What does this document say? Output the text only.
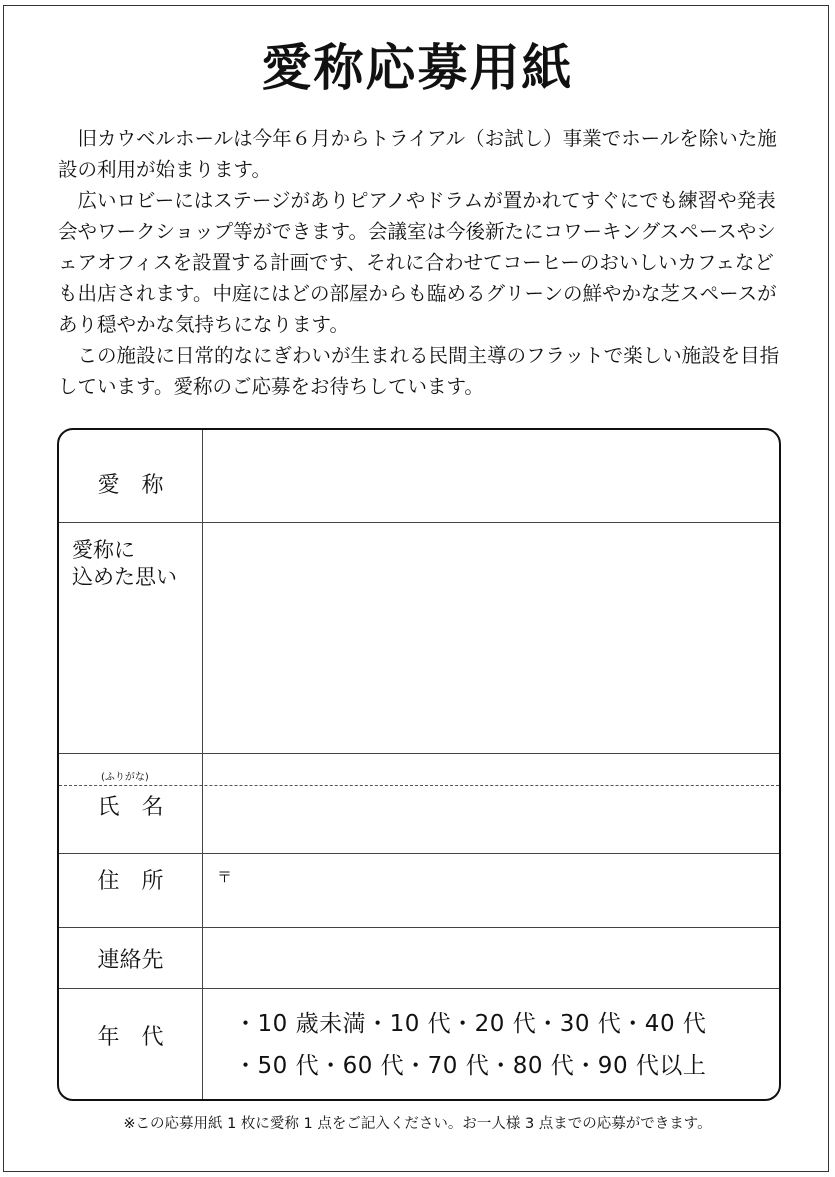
愛称応募用紙

旧カウベルホールは今年６月からトライアル（お試し）事業でホールを除いた施設の利用が始まります。

広いロビーにはステージがありピアノやドラムが置かれてすぐにでも練習や発表会やワークショップ等ができます。会議室は今後新たにコワーキングスペースやシェアオフィスを設置する計画です、それに合わせてコーヒーのおいしいカフェなども出店されます。中庭にはどの部屋からも臨めるグリーンの鮮やかな芝スペースがあり穏やかな気持ちになります。

この施設に日常的なにぎわいが生まれる民間主導のフラットで楽しい施設を目指しています。愛称のご応募をお待ちしています。

愛　称
愛称に
込めた思い
(ふりがな)
氏　名
住　所	〒
連絡先
年　代
・10 歳未満・10 代・20 代・30 代・40 代
・50 代・60 代・70 代・80 代・90 代以上
※この応募用紙 1 枚に愛称 1 点をご記入ください。お一人様 3 点までの応募ができます。
